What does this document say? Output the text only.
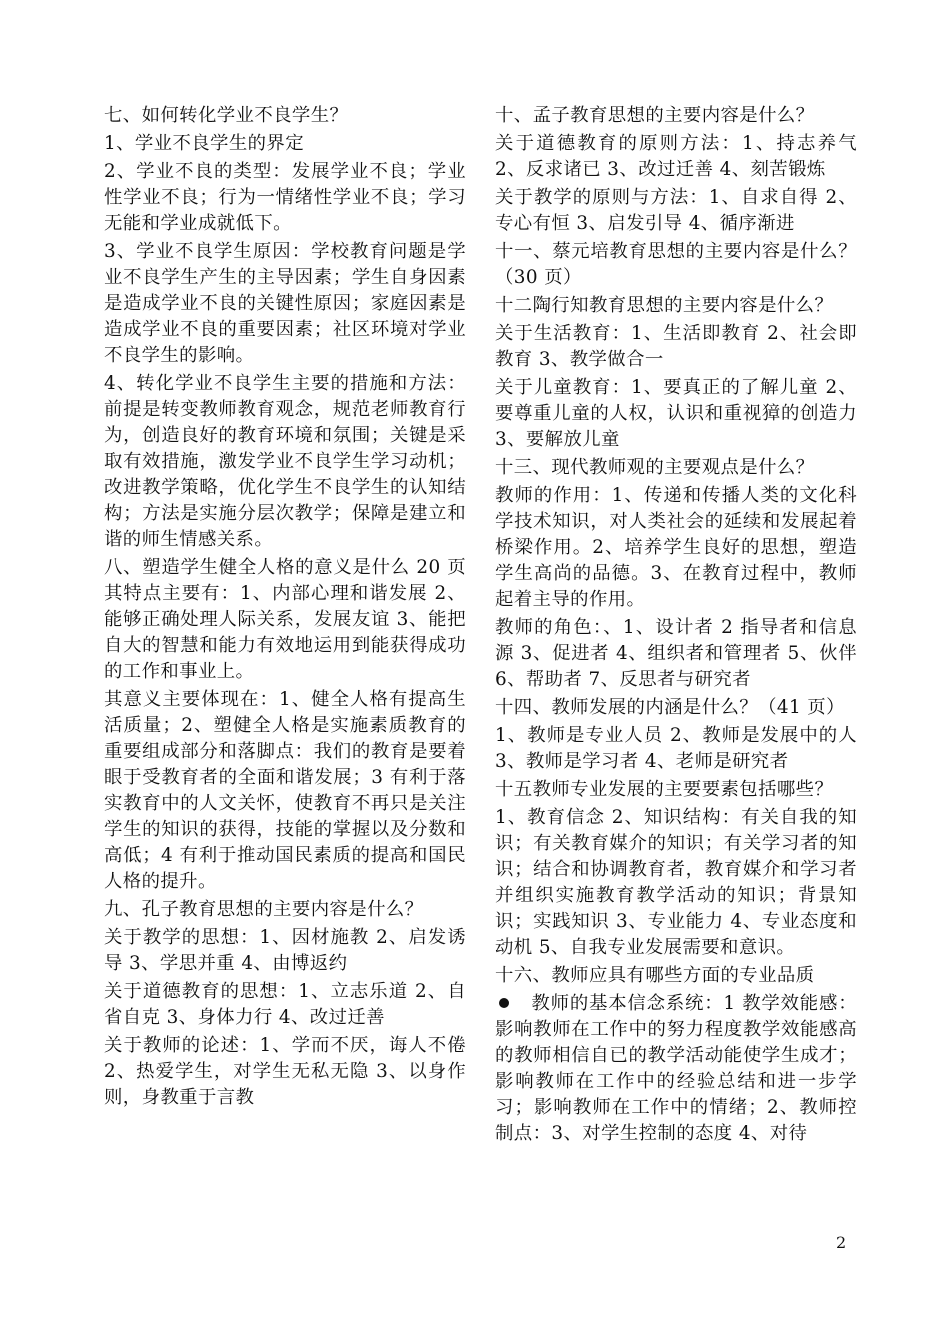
七、如何转化学业不良学生？

1、学业不良学生的界定

2、学业不良的类型：发展学业不良；学业性学业不良；行为一情绪性学业不良；学习无能和学业成就低下。

3、学业不良学生原因：学校教育问题是学业不良学生产生的主导因素；学生自身因素是造成学业不良的关键性原因；家庭因素是造成学业不良的重要因素；社区环境对学业不良学生的影响。

4、转化学业不良学生主要的措施和方法：前提是转变教师教育观念，规范老师教育行为，创造良好的教育环境和氛围；关键是采取有效措施，激发学业不良学生学习动机；改进教学策略，优化学生不良学生的认知结构；方法是实施分层次教学；保障是建立和谐的师生情感关系。

八、塑造学生健全人格的意义是什么 20 页其特点主要有：1、内部心理和谐发展 2、能够正确处理人际关系，发展友谊 3、能把自大的智慧和能力有效地运用到能获得成功的工作和事业上。

其意义主要体现在：1、健全人格有提高生活质量；2、塑健全人格是实施素质教育的重要组成部分和落脚点：我们的教育是要着眼于受教育者的全面和谐发展；3 有利于落实教育中的人文关怀，使教育不再只是关注学生的知识的获得，技能的掌握以及分数和高低；4 有利于推动国民素质的提高和国民人格的提升。

九、孔子教育思想的主要内容是什么？

关于教学的思想：1、因材施教 2、启发诱导 3、学思并重 4、由博返约

关于道德教育的思想：1、立志乐道 2、自省自克 3、身体力行 4、改过迁善

关于教师的论述：1、学而不厌，诲人不倦 2、热爱学生，对学生无私无隐 3、以身作则，身教重于言教

十、孟子教育思想的主要内容是什么？

关于道德教育的原则方法：1、持志养气 2、反求诸已 3、改过迁善 4、刻苦锻炼

关于教学的原则与方法：1、自求自得 2、专心有恒 3、启发引导 4、循序渐进

十一、蔡元培教育思想的主要内容是什么？（30 页）

十二陶行知教育思想的主要内容是什么？

关于生活教育：1、生活即教育 2、社会即教育 3、教学做合一

关于儿童教育：1、要真正的了解儿童 2、要尊重儿童的人权，认识和重视獐的创造力 3、要解放儿童

十三、现代教师观的主要观点是什么？

教师的作用：1、传递和传播人类的文化科学技术知识，对人类社会的延续和发展起着桥梁作用。2、培养学生良好的思想，塑造学生高尚的品德。3、在教育过程中，教师起着主导的作用。

教师的角色：、1、设计者 2 指导者和信息源 3、促进者 4、组织者和管理者 5、伙伴 6、帮助者 7、反思者与研究者

十四、教师发展的内涵是什么？（41 页）

1、教师是专业人员 2、教师是发展中的人 3、教师是学习者 4、老师是研究者

十五教师专业发展的主要要素包括哪些？

1、教育信念 2、知识结构：有关自我的知识；有关教育媒介的知识；有关学习者的知识；结合和协调教育者，教育媒介和学习者并组织实施教育教学活动的知识；背景知识；实践知识 3、专业能力 4、专业态度和动机 5、自我专业发展需要和意识。

十六、教师应具有哪些方面的专业品质

教师的基本信念系统：1 教学效能感：影响教师在工作中的努力程度教学效能感高的教师相信自已的教学活动能使学生成才；影响教师在工作中的经验总结和进一步学习；影响教师在工作中的情绪；2、教师控制点：3、对学生控制的态度 4、对待

2
